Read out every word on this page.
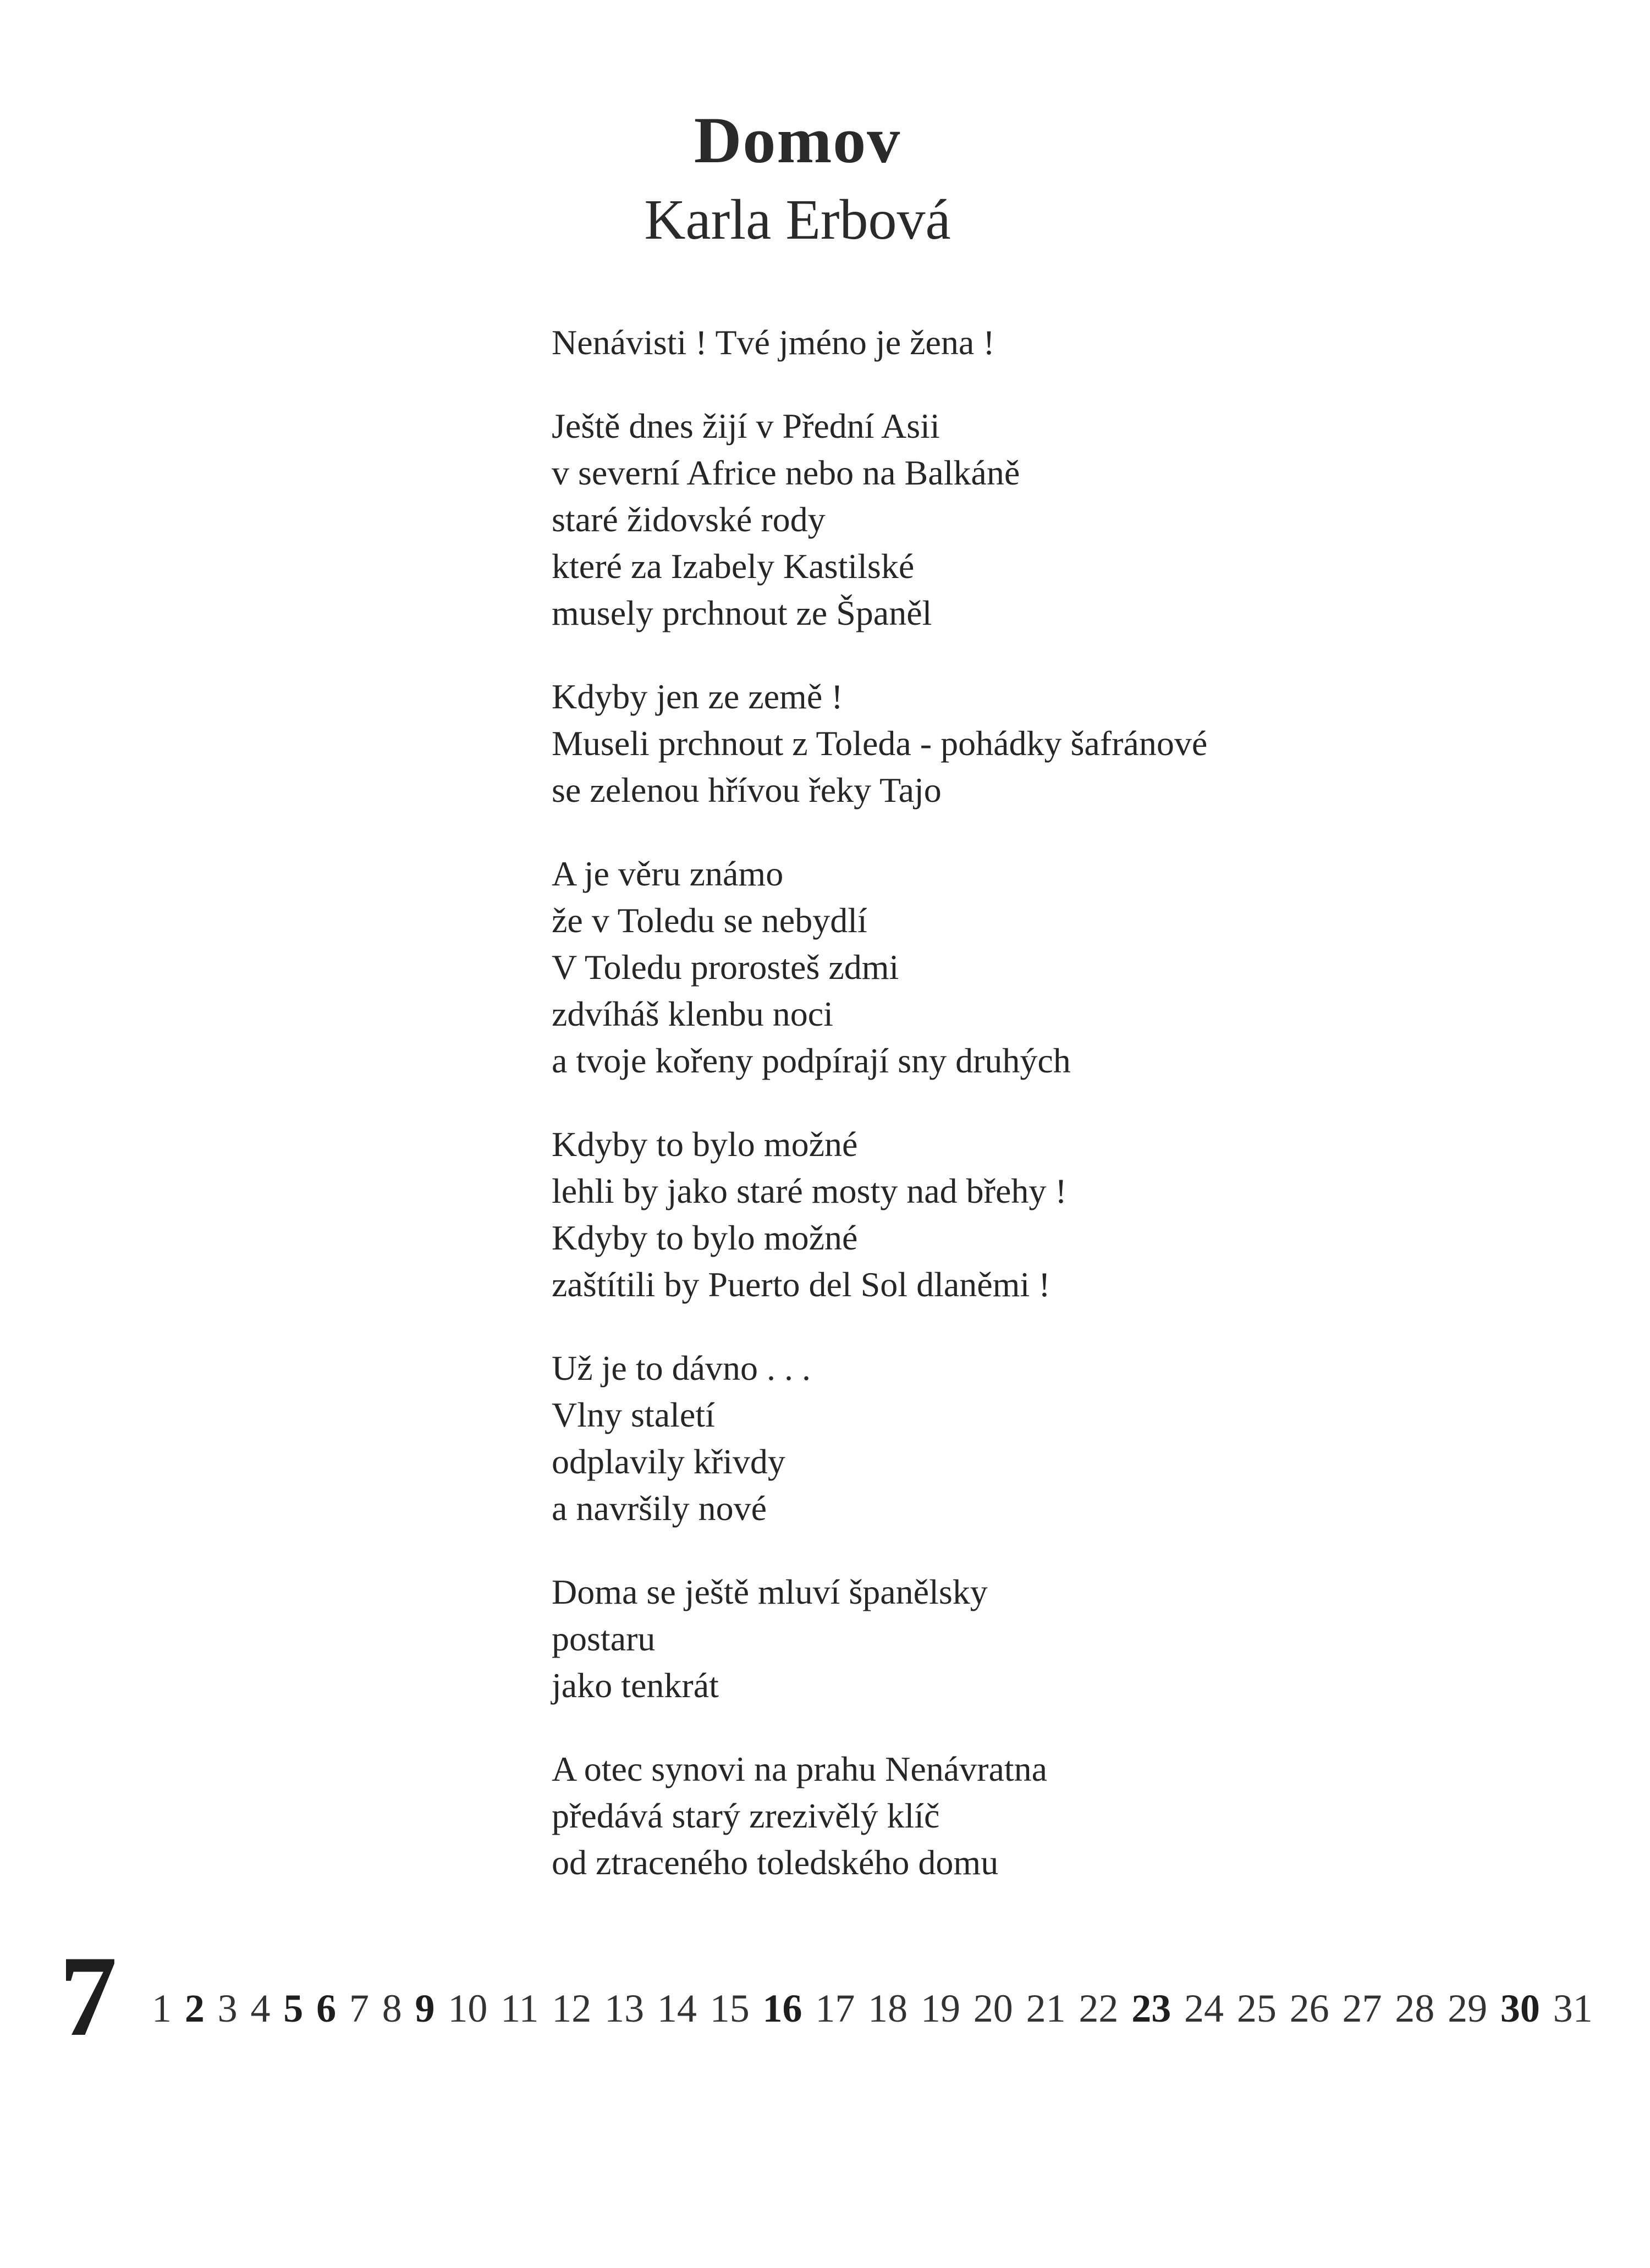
Domov
Karla Erbová
Nenávisti ! Tvé jméno je žena !
Ještě dnes žijí v Přední Asii
v severní Africe nebo na Balkáně
staré židovské rody
které za Izabely Kastilské
musely prchnout ze Španěl
Kdyby jen ze země !
Museli prchnout z Toleda - pohádky šafránové
se zelenou hřívou řeky Tajo
A je věru známo
že v Toledu se nebydlí
V Toledu prorosteš zdmi
zdvíháš klenbu noci
a tvoje kořeny podpírají sny druhých
Kdyby to bylo možné
lehli by jako staré mosty nad břehy !
Kdyby to bylo možné
zaštítili by Puerto del Sol dlaněmi !
Už je to dávno . . .
Vlny staletí
odplavily křivdy
a navršily nové
Doma se ještě mluví španělsky
postaru
jako tenkrát
A otec synovi na prahu Nenávratna
předává starý zrezivělý klíč
od ztraceného toledského domu
7 1 2 3 4 5 6 7 8 9 10 11 12 13 14 15 16 17 18 19 20 21 22 23 24 25 26 27 28 29 30 31
